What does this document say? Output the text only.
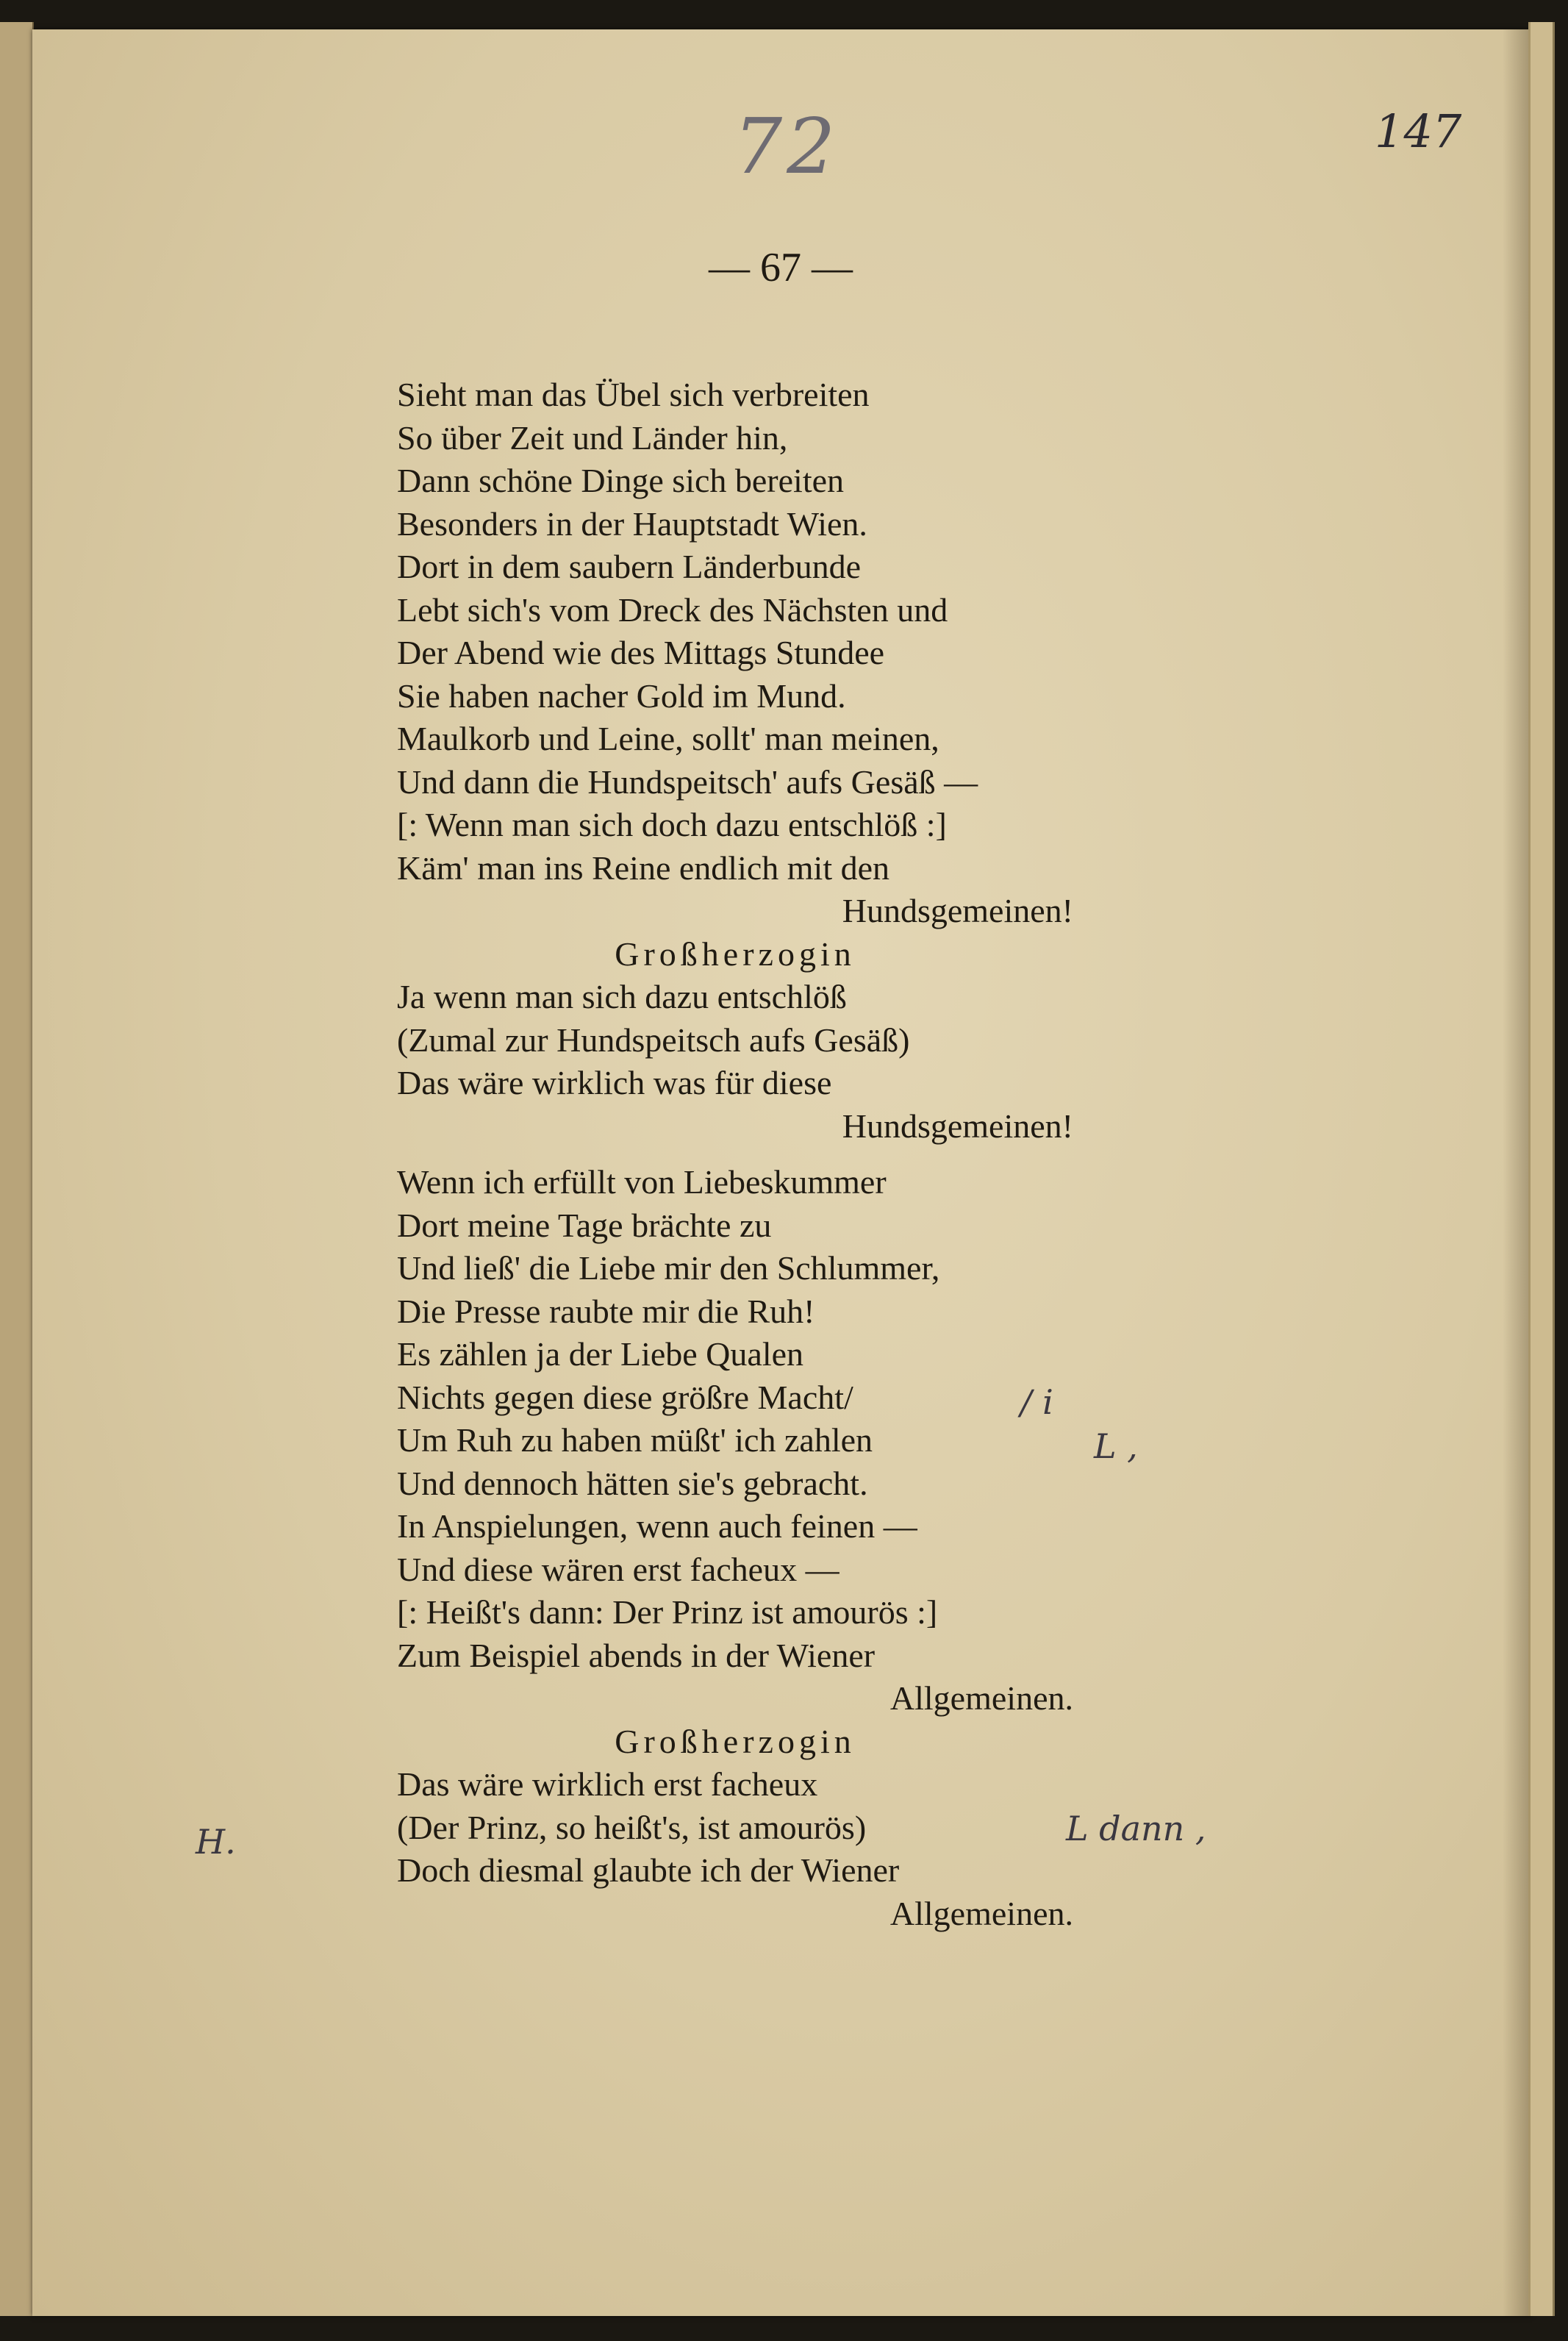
72	147
— 67 —
Sieht man das Übel sich verbreiten
So über Zeit und Länder hin,
Dann schöne Dinge sich bereiten
Besonders in der Hauptstadt Wien.
Dort in dem saubern Länderbunde
Lebt sich's vom Dreck des Nächsten und
Der Abend wie des Mittags Stundee
Sie haben nacher Gold im Mund.
Maulkorb und Leine, sollt' man meinen,
Und dann die Hundspeitsch' aufs Gesäß —
[: Wenn man sich doch dazu entschlöß :]
Käm' man ins Reine endlich mit den
Hundsgemeinen!
Großherzogin
Ja wenn man sich dazu entschlöß
(Zumal zur Hundspeitsch aufs Gesäß)
Das wäre wirklich was für diese
Hundsgemeinen!
Wenn ich erfüllt von Liebeskummer
Dort meine Tage brächte zu
Und ließ' die Liebe mir den Schlummer,
Die Presse raubte mir die Ruh!
Es zählen ja der Liebe Qualen
Nichts gegen diese größre Macht/
Um Ruh zu haben müßt' ich zahlen
Und dennoch hätten sie's gebracht.
In Anspielungen, wenn auch feinen —
Und diese wären erst facheux —
[: Heißt's dann: Der Prinz ist amourös :]
Zum Beispiel abends in der Wiener
Allgemeinen.
Großherzogin
Das wäre wirklich erst facheux
(Der Prinz, so heißt's, ist amourös)
Doch diesmal glaubte ich der Wiener
Allgemeinen.
/ i
L ,
L dann ,
H.
